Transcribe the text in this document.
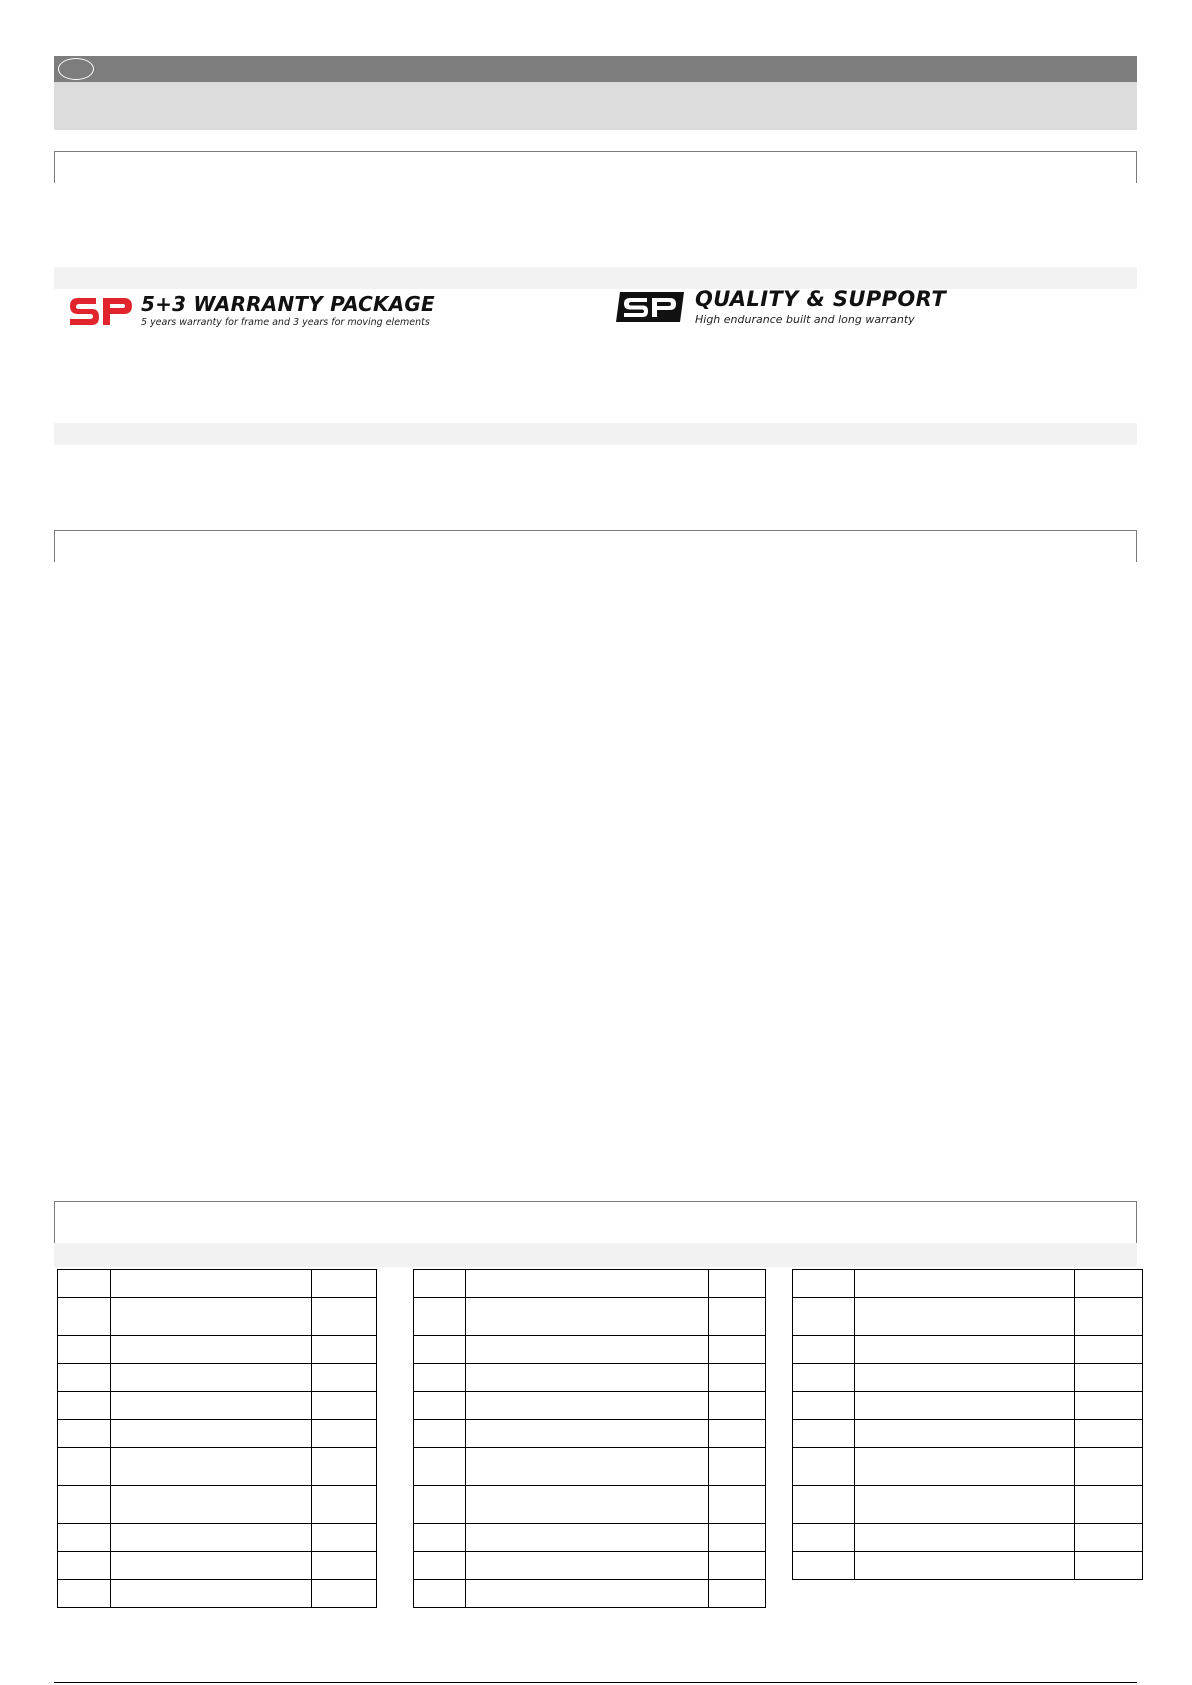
5+3 WARRANTY PACKAGE
5 years warranty for frame and 3 years for moving elements
QUALITY & SUPPORT
High endurance built and long warranty
